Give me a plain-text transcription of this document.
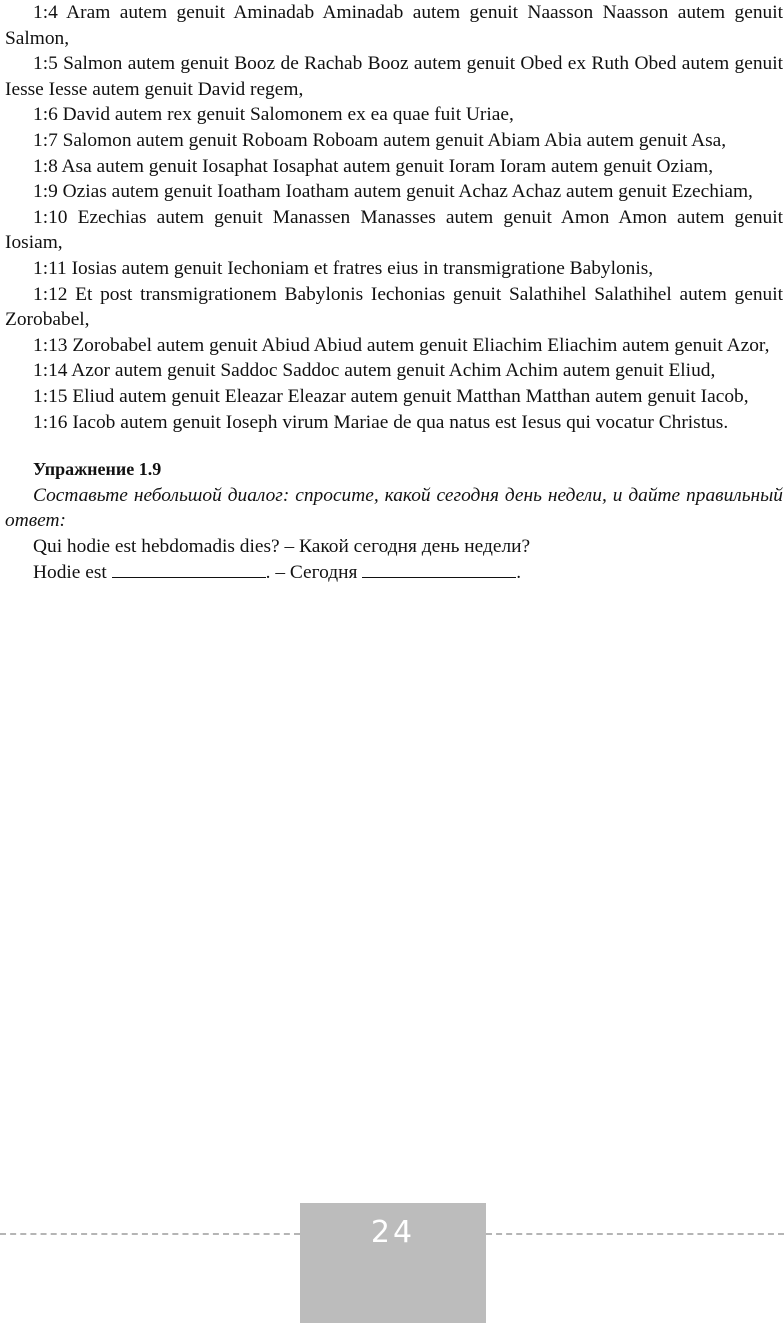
1:4 Aram autem genuit Aminadab Aminadab autem genuit Naasson Naasson autem genuit Salmon,

1:5 Salmon autem genuit Booz de Rachab Booz autem genuit Obed ex Ruth Obed autem genuit Iesse Iesse autem genuit David regem,

1:6 David autem rex genuit Salomonem ex ea quae fuit Uriae,

1:7 Salomon autem genuit Roboam Roboam autem genuit Abiam Abia autem genuit Asa,

1:8 Asa autem genuit Iosaphat Iosaphat autem genuit Ioram Ioram autem genuit Oziam,

1:9 Ozias autem genuit Ioatham Ioatham autem genuit Achaz Achaz autem genuit Ezechiam,

1:10 Ezechias autem genuit Manassen Manasses autem genuit Amon Amon autem genuit Iosiam,

1:11 Iosias autem genuit Iechoniam et fratres eius in transmigratione Babylonis,

1:12 Et post transmigrationem Babylonis Iechonias genuit Salathihel Salathihel autem genuit Zorobabel,

1:13 Zorobabel autem genuit Abiud Abiud autem genuit Eliachim Eliachim autem genuit Azor,

1:14 Azor autem genuit Saddoc Saddoc autem genuit Achim Achim autem genuit Eliud,

1:15 Eliud autem genuit Eleazar Eleazar autem genuit Matthan Matthan autem genuit Iacob,

1:16 Iacob autem genuit Ioseph virum Mariae de qua natus est Iesus qui vocatur Christus.

Упражнение 1.9

Составьте небольшой диалог: спросите, какой сегодня день недели, и дайте правильный ответ:

Qui hodie est hebdomadis dies? – Какой сегодня день недели?

Hodie est	. – Сегодня	.

24
